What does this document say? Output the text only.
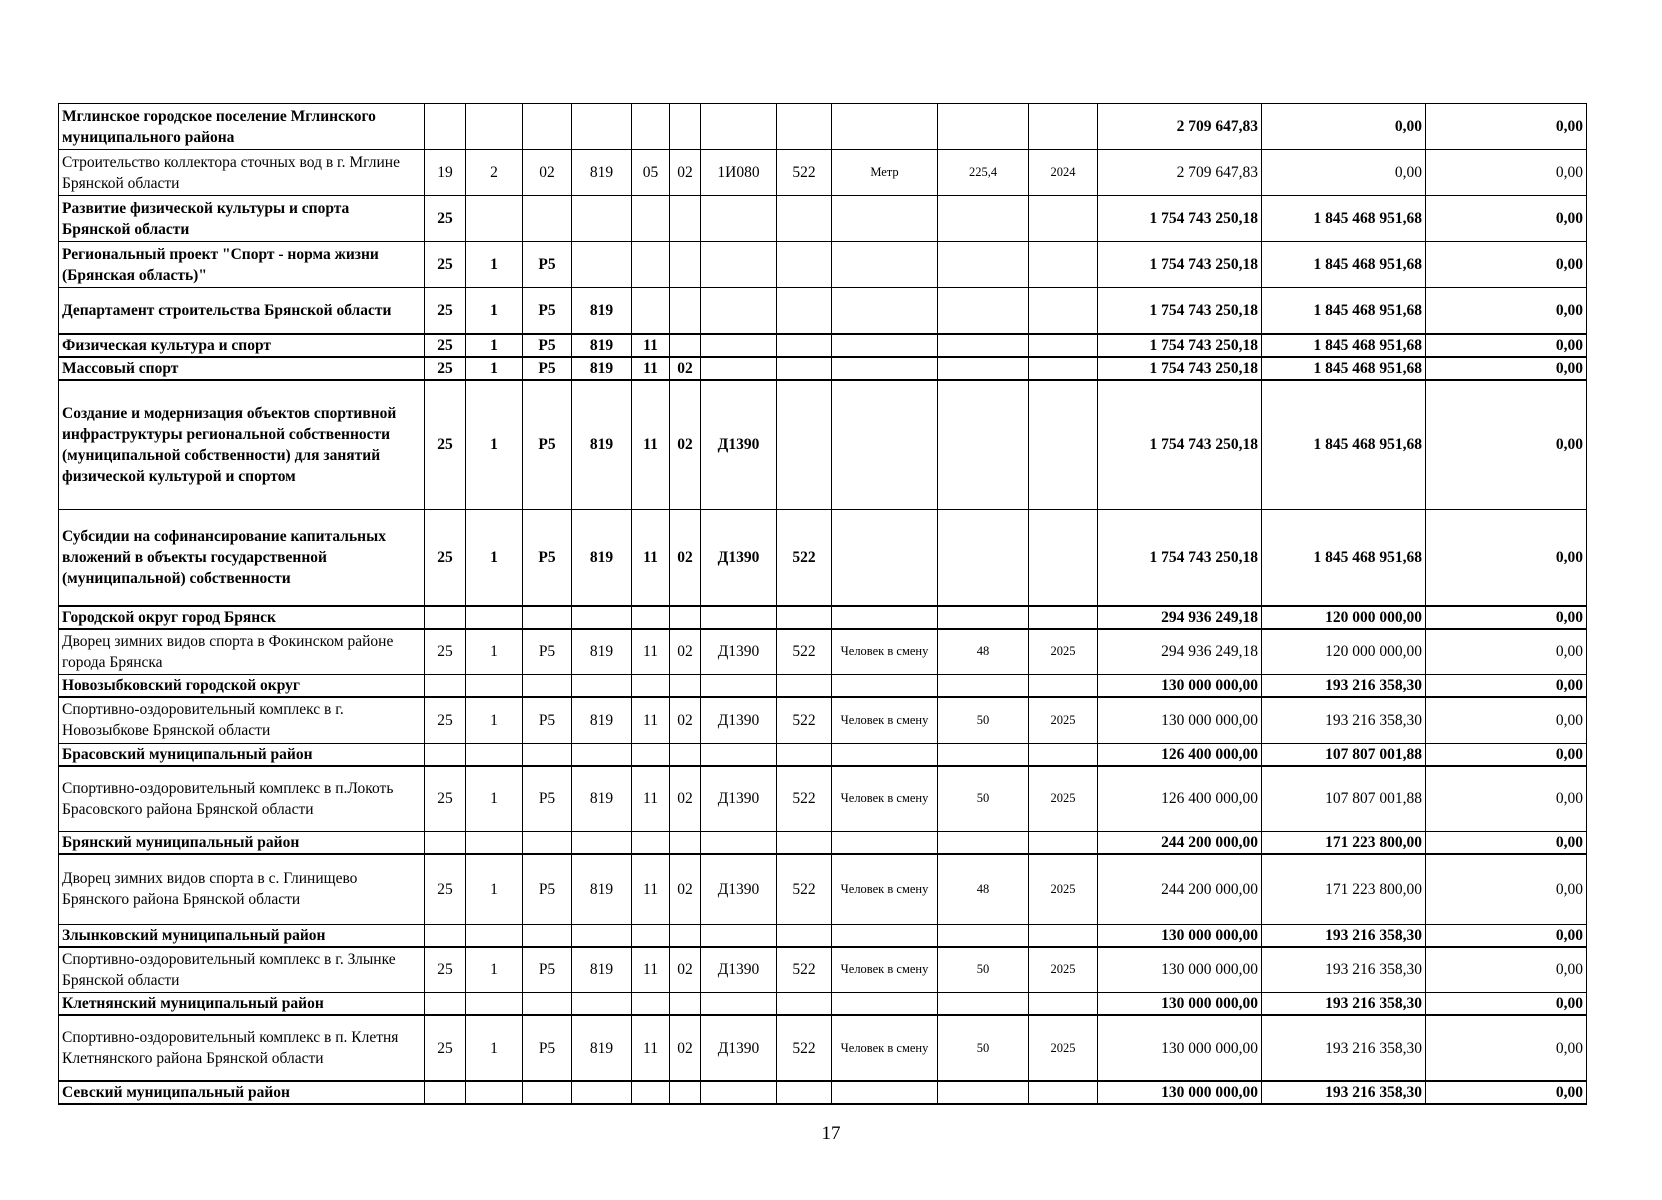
Мглинское городское поселение Мглинского муниципального района												2 709 647,83	0,00	0,00
Строительство коллектора сточных вод в г. Мглине Брянской области	19	2	02	819	05	02	1И080	522	Метр	225,4	2024	2 709 647,83	0,00	0,00
Развитие физической культуры и спорта Брянской области	25											1 754 743 250,18	1 845 468 951,68	0,00
Региональный проект "Спорт - норма жизни (Брянская область)"	25	1	Р5									1 754 743 250,18	1 845 468 951,68	0,00
Департамент строительства Брянской области	25	1	Р5	819								1 754 743 250,18	1 845 468 951,68	0,00
Физическая культура и спорт	25	1	Р5	819	11							1 754 743 250,18	1 845 468 951,68	0,00
Массовый спорт	25	1	Р5	819	11	02						1 754 743 250,18	1 845 468 951,68	0,00
Создание и модернизация объектов спортивной инфраструктуры региональной собственности (муниципальной собственности) для занятий физической культурой и спортом	25	1	Р5	819	11	02	Д1390					1 754 743 250,18	1 845 468 951,68	0,00
Субсидии на софинансирование капитальных вложений в объекты государственной (муниципальной) собственности	25	1	Р5	819	11	02	Д1390	522				1 754 743 250,18	1 845 468 951,68	0,00
Городской округ город Брянск												294 936 249,18	120 000 000,00	0,00
Дворец зимних видов спорта в Фокинском районе города Брянска	25	1	Р5	819	11	02	Д1390	522	Человек в смену	48	2025	294 936 249,18	120 000 000,00	0,00
Новозыбковский городской округ												130 000 000,00	193 216 358,30	0,00
Спортивно-оздоровительный комплекс в г. Новозыбкове Брянской области	25	1	Р5	819	11	02	Д1390	522	Человек в смену	50	2025	130 000 000,00	193 216 358,30	0,00
Брасовский муниципальный район												126 400 000,00	107 807 001,88	0,00
Спортивно-оздоровительный комплекс в п.Локоть Брасовского района Брянской области	25	1	Р5	819	11	02	Д1390	522	Человек в смену	50	2025	126 400 000,00	107 807 001,88	0,00
Брянский муниципальный район												244 200 000,00	171 223 800,00	0,00
Дворец зимних видов спорта в с. Глинищево Брянского района Брянской области	25	1	Р5	819	11	02	Д1390	522	Человек в смену	48	2025	244 200 000,00	171 223 800,00	0,00
Злынковский муниципальный район												130 000 000,00	193 216 358,30	0,00
Спортивно-оздоровительный комплекс в г. Злынке Брянской области	25	1	Р5	819	11	02	Д1390	522	Человек в смену	50	2025	130 000 000,00	193 216 358,30	0,00
Клетнянский муниципальный район												130 000 000,00	193 216 358,30	0,00
Спортивно-оздоровительный комплекс в п. Клетня Клетнянского района Брянской области	25	1	Р5	819	11	02	Д1390	522	Человек в смену	50	2025	130 000 000,00	193 216 358,30	0,00
Севский муниципальный район												130 000 000,00	193 216 358,30	0,00
17
